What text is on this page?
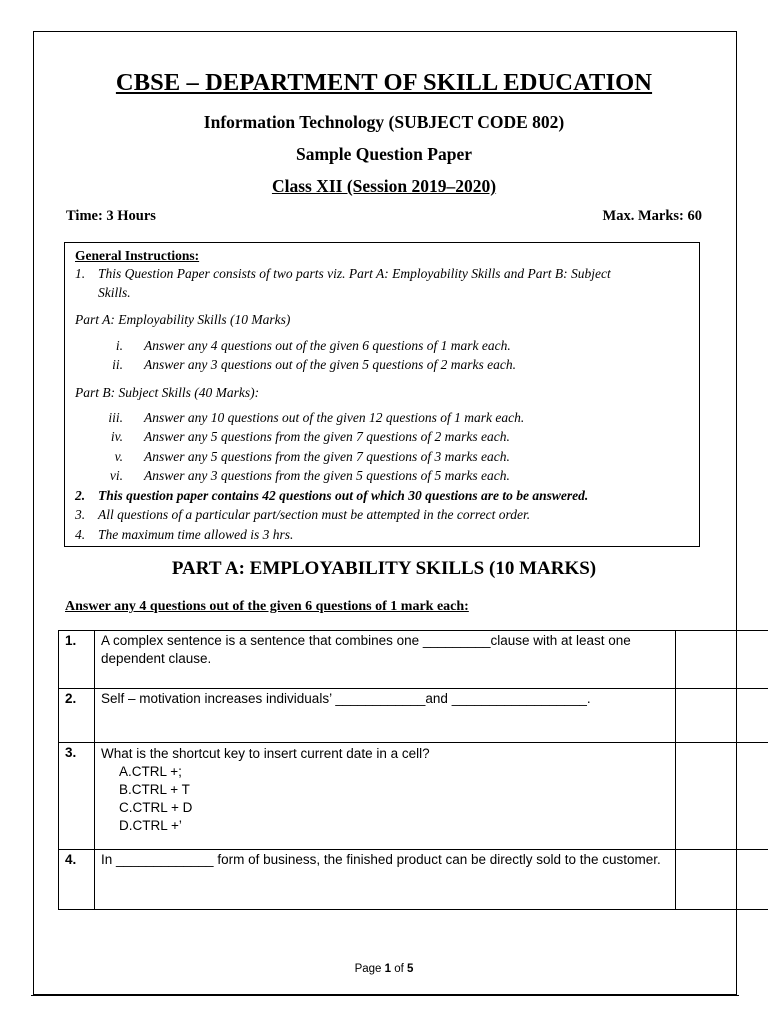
CBSE – DEPARTMENT OF SKILL EDUCATION
Information Technology (SUBJECT CODE 802)
Sample Question Paper
Class XII (Session 2019–2020)
Time: 3 Hours	Max. Marks: 60
General Instructions:
1. This Question Paper consists of two parts viz. Part A: Employability Skills and Part B: Subject
Skills.
Part A: Employability Skills (10 Marks)
i. Answer any 4 questions out of the given 6 questions of 1 mark each.
ii. Answer any 3 questions out of the given 5 questions of 2 marks each.
Part B: Subject Skills (40 Marks):
iii. Answer any 10 questions out of the given 12 questions of 1 mark each.
iv. Answer any 5 questions from the given 7 questions of 2 marks each.
v. Answer any 5 questions from the given 7 questions of 3 marks each.
vi. Answer any 3 questions from the given 5 questions of 5 marks each.
2. This question paper contains 42 questions out of which 30 questions are to be answered.
3. All questions of a particular part/section must be attempted in the correct order.
4. The maximum time allowed is 3 hrs.
PART A: EMPLOYABILITY SKILLS (10 MARKS)
Answer any 4 questions out of the given 6 questions of 1 mark each:
1.	A complex sentence is a sentence that combines one _________clause with at least one dependent clause.	
2.	Self – motivation increases individuals’ ____________and __________________.	
3.	What is the shortcut key to insert current date in a cell?
A.CTRL +;
B.CTRL + T
C.CTRL + D
D.CTRL +’	

4.	In _____________ form of business, the finished product can be directly sold to the customer.	
Page 1 of 5
